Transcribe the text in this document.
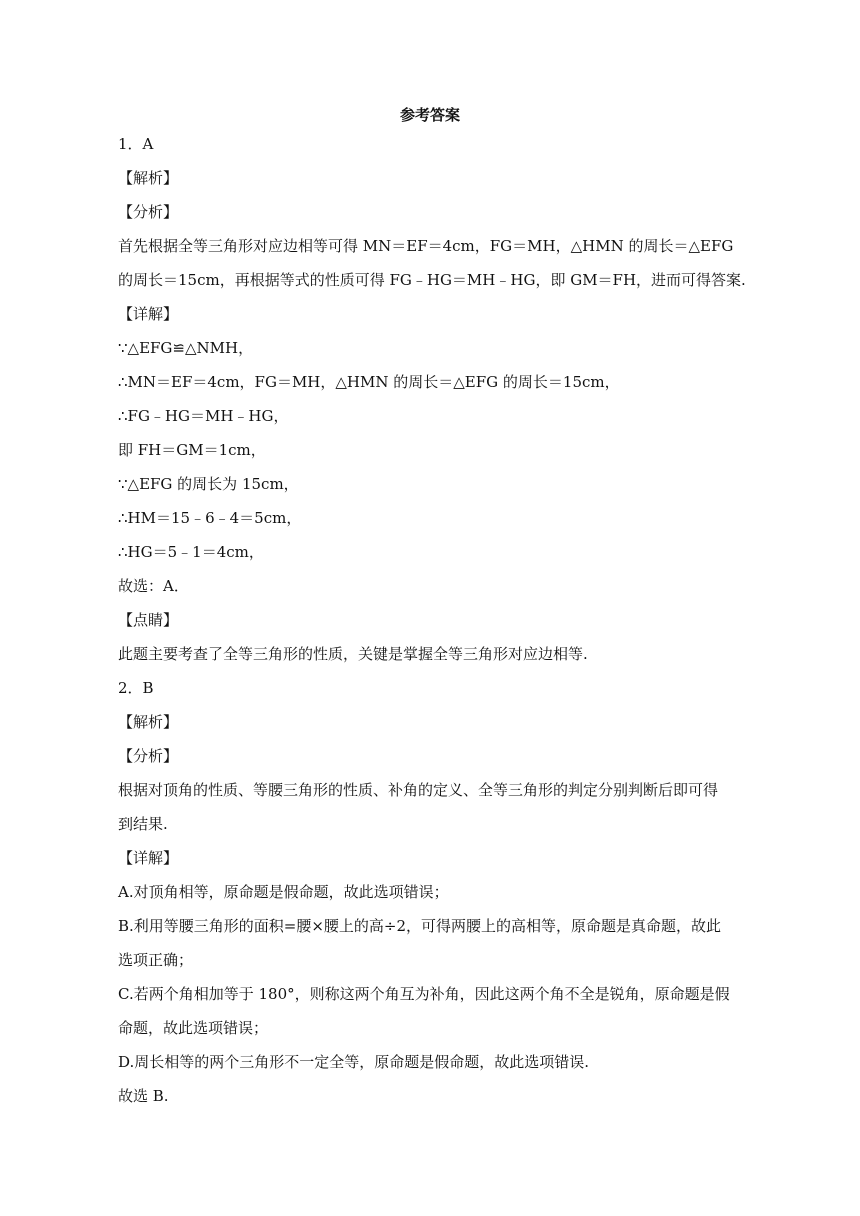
参考答案
1．A
【解析】
【分析】
首先根据全等三角形对应边相等可得 MN＝EF＝4cm，FG＝MH，△HMN 的周长＝△EFG
的周长＝15cm，再根据等式的性质可得 FG﹣HG＝MH﹣HG，即 GM＝FH，进而可得答案.
【详解】
∵△EFG≌△NMH，
∴MN＝EF＝4cm，FG＝MH，△HMN 的周长＝△EFG 的周长＝15cm，
∴FG﹣HG＝MH﹣HG，
即 FH＝GM＝1cm，
∵△EFG 的周长为 15cm，
∴HM＝15﹣6﹣4＝5cm，
∴HG＝5﹣1＝4cm，
故选：A．
【点睛】
此题主要考查了全等三角形的性质，关键是掌握全等三角形对应边相等.
2．B
【解析】
【分析】
根据对顶角的性质、等腰三角形的性质、补角的定义、全等三角形的判定分别判断后即可得
到结果.
【详解】
A.对顶角相等，原命题是假命题，故此选项错误；
B.利用等腰三角形的面积=腰×腰上的高÷2，可得两腰上的高相等，原命题是真命题，故此
选项正确；
C.若两个角相加等于 180°，则称这两个角互为补角，因此这两个角不全是锐角，原命题是假
命题，故此选项错误；
D.周长相等的两个三角形不一定全等，原命题是假命题，故此选项错误.
故选 B.
